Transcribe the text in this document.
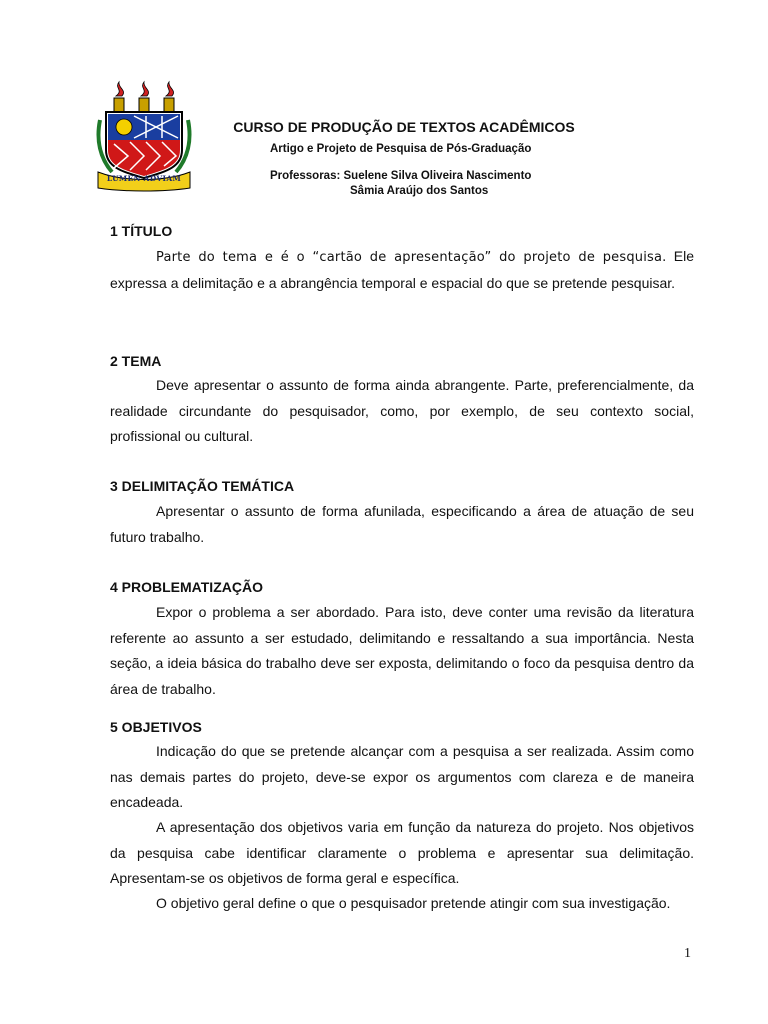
LUMEN ADVIAM
CURSO DE PRODUÇÃO DE TEXTOS ACADÊMICOS
Artigo e Projeto de Pesquisa de Pós-Graduação
Professoras: Suelene Silva Oliveira Nascimento
Sâmia Araújo dos Santos
1 TÍTULO
Parte do tema e é o “cartão de apresentação” do projeto de pesquisa. Ele expressa a delimitação e a abrangência temporal e espacial do que se pretende pesquisar.
2 TEMA
Deve apresentar o assunto de forma ainda abrangente. Parte, preferencialmente, da realidade circundante do pesquisador, como, por exemplo, de seu contexto social, profissional ou cultural.
3 DELIMITAÇÃO TEMÁTICA
Apresentar o assunto de forma afunilada, especificando a área de atuação de seu futuro trabalho.
4 PROBLEMATIZAÇÃO
Expor o problema a ser abordado. Para isto, deve conter uma revisão da literatura referente ao assunto a ser estudado, delimitando e ressaltando a sua importância. Nesta seção, a ideia básica do trabalho deve ser exposta, delimitando o foco da pesquisa dentro da área de trabalho.
5 OBJETIVOS
Indicação do que se pretende alcançar com a pesquisa a ser realizada. Assim como nas demais partes do projeto, deve-se expor os argumentos com clareza e de maneira encadeada.
A apresentação dos objetivos varia em função da natureza do projeto. Nos objetivos da pesquisa cabe identificar claramente o problema e apresentar sua delimitação. Apresentam-se os objetivos de forma geral e específica.
O objetivo geral define o que o pesquisador pretende atingir com sua investigação.
1
